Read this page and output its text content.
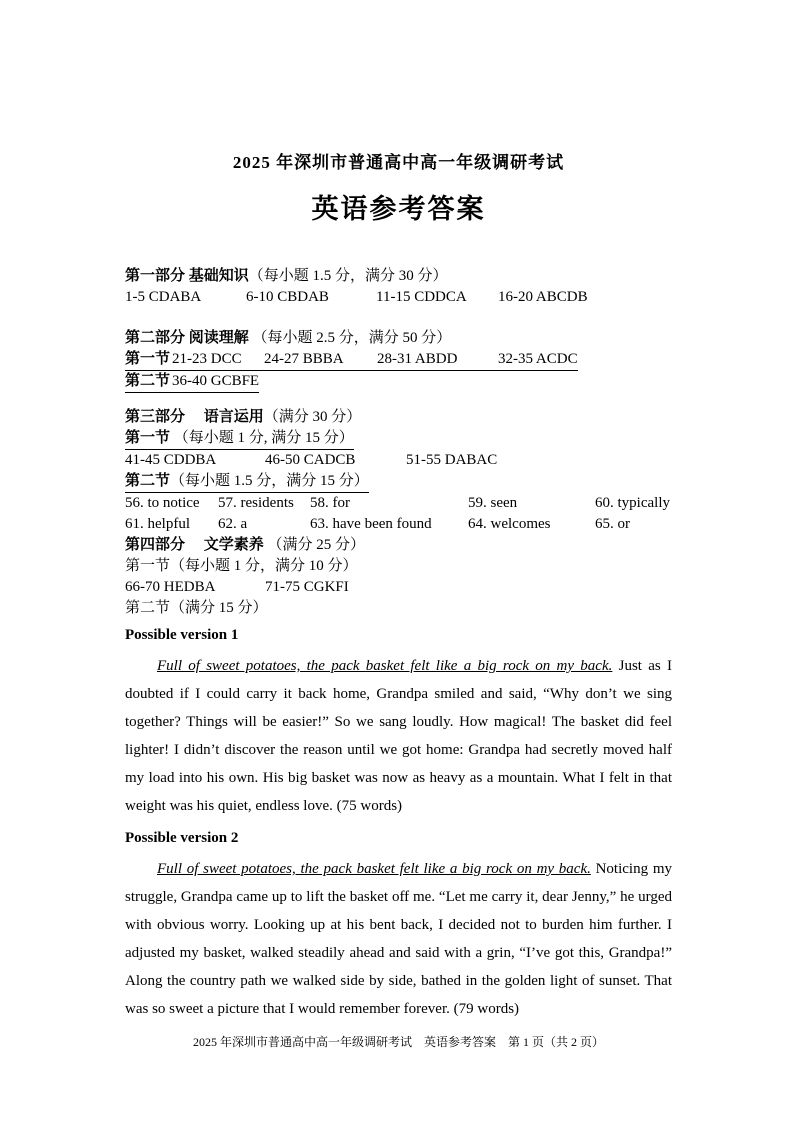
2025 年深圳市普通高中高一年级调研考试

英语参考答案

第一部分 基础知识（每小题 1.5 分，满分 30 分）

1-5 CDABA	6-10 CBDAB	11-15 CDDCA 16-20 ABCDB

第二部分 阅读理解 （每小题 2.5 分，满分 50 分）

第一节 21-23 DCC 24-27 BBBA 28-31 ABDD	32-35 ACDC

第二节 36-40 GCBFE

第三部分　 语言运用（满分 30 分）

第一节 （每小题 1 分, 满分 15 分）

41-45 CDDBA	46-50 CADCB	51-55 DABAC

第二节（每小题 1.5 分，满分 15 分）

56. to notice 57. residents 58. for	59. seen	60. typically

61. helpful 62. a	63. have been found 64. welcomes	65. or

第四部分　 文学素养 （满分 25 分）

第一节（每小题 1 分，满分 10 分）

66-70 HEDBA	71-75 CGKFI

第二节（满分 15 分）

Possible version 1

Full of sweet potatoes, the pack basket felt like a big rock on my back. Just as I doubted if I could carry it back home, Grandpa smiled and said, “Why don’t we sing together? Things will be easier!” So we sang loudly. How magical! The basket did feel lighter! I didn’t discover the reason until we got home: Grandpa had secretly moved half my load into his own. His big basket was now as heavy as a mountain. What I felt in that weight was his quiet, endless love. (75 words)

Possible version 2

Full of sweet potatoes, the pack basket felt like a big rock on my back. Noticing my struggle, Grandpa came up to lift the basket off me. “Let me carry it, dear Jenny,” he urged with obvious worry. Looking up at his bent back, I decided not to burden him further. I adjusted my basket, walked steadily ahead and said with a grin, “I’ve got this, Grandpa!” Along the country path we walked side by side, bathed in the golden light of sunset. That was so sweet a picture that I would remember forever. (79 words)

2025 年深圳市普通高中高一年级调研考试　英语参考答案　第 1 页（共 2 页）
